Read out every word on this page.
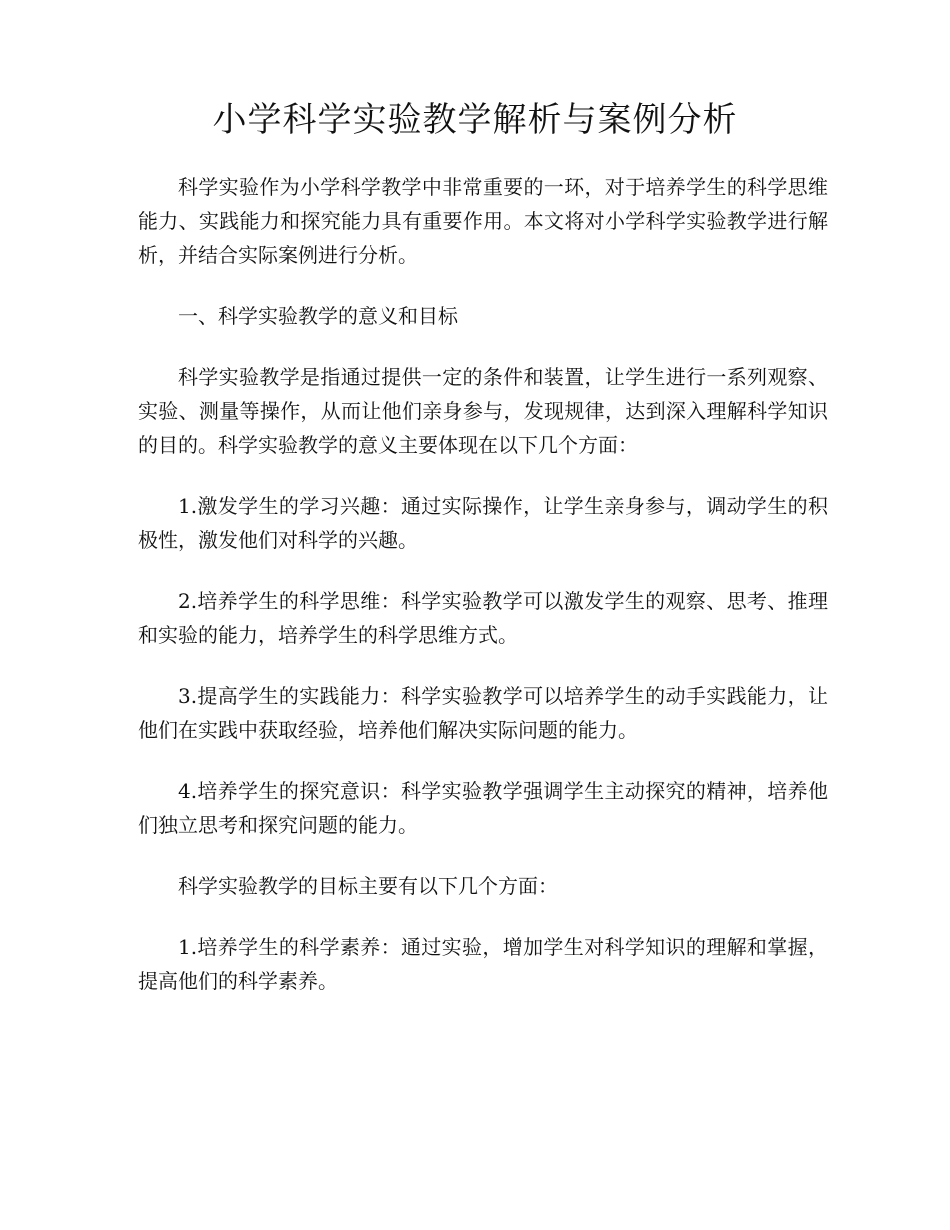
小学科学实验教学解析与案例分析

科学实验作为小学科学教学中非常重要的一环，对于培养学生的科学思维能力、实践能力和探究能力具有重要作用。本文将对小学科学实验教学进行解析，并结合实际案例进行分析。

一、科学实验教学的意义和目标

科学实验教学是指通过提供一定的条件和装置，让学生进行一系列观察、实验、测量等操作，从而让他们亲身参与，发现规律，达到深入理解科学知识的目的。科学实验教学的意义主要体现在以下几个方面：

1.激发学生的学习兴趣：通过实际操作，让学生亲身参与，调动学生的积极性，激发他们对科学的兴趣。

2.培养学生的科学思维：科学实验教学可以激发学生的观察、思考、推理和实验的能力，培养学生的科学思维方式。

3.提高学生的实践能力：科学实验教学可以培养学生的动手实践能力，让他们在实践中获取经验，培养他们解决实际问题的能力。

4.培养学生的探究意识：科学实验教学强调学生主动探究的精神，培养他们独立思考和探究问题的能力。

科学实验教学的目标主要有以下几个方面：

1.培养学生的科学素养：通过实验，增加学生对科学知识的理解和掌握，提高他们的科学素养。
